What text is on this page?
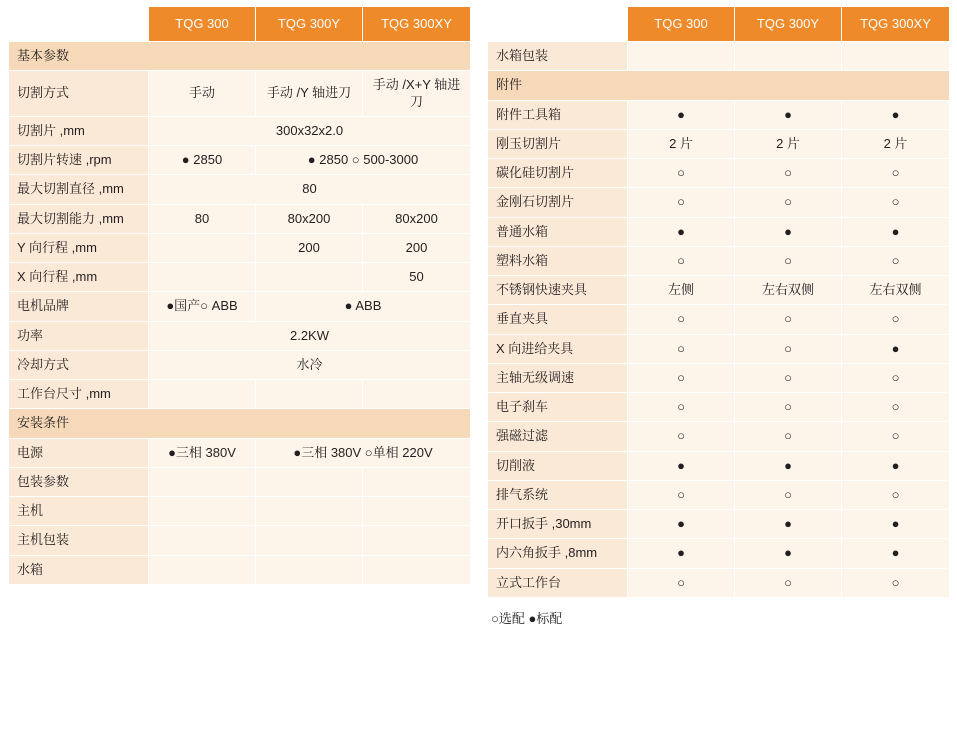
	TQG 300	TQG 300Y	TQG 300XY
基本参数			
切割方式	手动	手动 /Y 轴进刀	手动 /X+Y 轴进刀
切割片 ,mm	300x32x2.0		
切割片转速 ,rpm	● 2850	● 2850 ○ 500-3000	
最大切割直径 ,mm	80		
最大切割能力 ,mm	80	80x200	80x200
Y 向行程 ,mm		200	200
X 向行程 ,mm			50
电机品牌	●国产○ ABB	● ABB	
功率	2.2KW		
冷却方式	水冷		
工作台尺寸 ,mm			
安装条件			
电源	●三相 380V	●三相 380V ○单相 220V	
包装参数			
主机			
主机包装			
水箱			
	TQG 300	TQG 300Y	TQG 300XY
水箱包装			
附件			
附件工具箱	●	●	●
刚玉切割片	2 片	2 片	2 片
碳化硅切割片	○	○	○
金刚石切割片	○	○	○
普通水箱	●	●	●
塑料水箱	○	○	○
不锈钢快速夹具	左侧	左右双侧	左右双侧
垂直夹具	○	○	○
X 向进给夹具	○	○	●
主轴无级调速	○	○	○
电子刹车	○	○	○
强磁过滤	○	○	○
切削液	●	●	●
排气系统	○	○	○
开口扳手 ,30mm	●	●	●
内六角扳手 ,8mm	●	●	●
立式工作台	○	○	○
○选配 ●标配
